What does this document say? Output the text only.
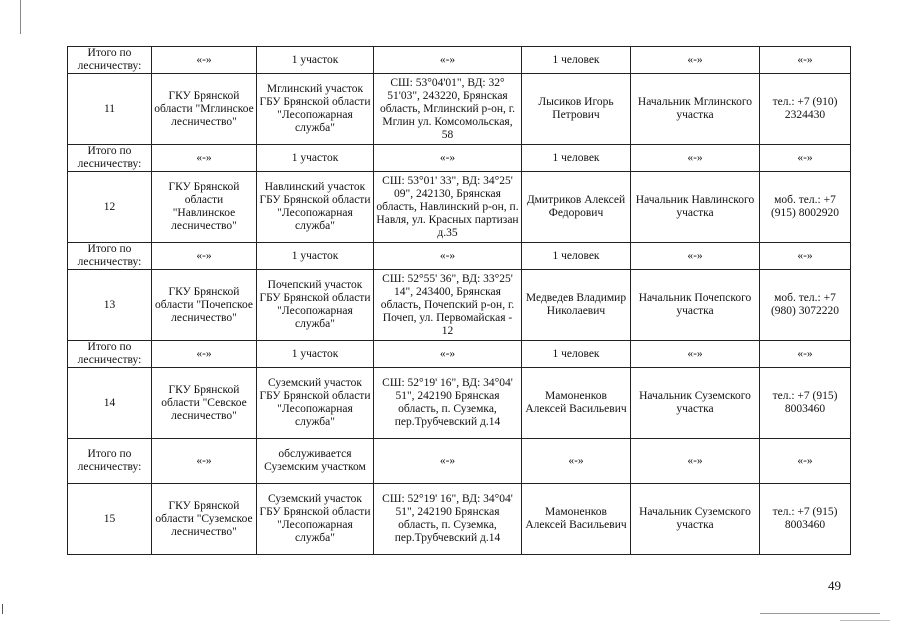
Итого по лесничеству:	«-»	1 участок	«-»	1 человек	«-»	«-»
11	ГКУ Брянской области "Мглинское лесничество"	Мглинский участок ГБУ Брянской области "Лесопожарная служба"	СШ: 53°04'01", ВД: 32° 51'03", 243220, Брянская область, Мглинский р-он, г. Мглин ул. Комсомольская, 58	Лысиков Игорь Петрович	Начальник Мглинского участка	тел.: +7 (910) 2324430
Итого по лесничеству:	«-»	1 участок	«-»	1 человек	«-»	«-»
12	ГКУ Брянской области "Навлинское лесничество"	Навлинский участок ГБУ Брянской области "Лесопожарная служба"	СШ: 53°01' 33", ВД: 34°25' 09", 242130, Брянская область, Навлинский р-он, п. Навля, ул. Красных партизан д.35	Дмитриков Алексей Федорович	Начальник Навлинского участка	моб. тел.: +7 (915) 8002920
Итого по лесничеству:	«-»	1 участок	«-»	1 человек	«-»	«-»
13	ГКУ Брянской области "Почепское лесничество"	Почепский участок ГБУ Брянской области "Лесопожарная служба"	СШ: 52°55' 36", ВД: 33°25' 14", 243400, Брянская область, Почепский р-он, г. Почеп, ул. Первомайская - 12	Медведев Владимир Николаевич	Начальник Почепского участка	моб. тел.: +7 (980) 3072220
Итого по лесничеству:	«-»	1 участок	«-»	1 человек	«-»	«-»
14	ГКУ Брянской области "Севское лесничество"	Суземский участок ГБУ Брянской области "Лесопожарная служба"	СШ: 52°19' 16", ВД: 34°04' 51", 242190 Брянская область, п. Суземка, пер.Трубчевский д.14	Мамоненков Алексей Васильевич	Начальник Суземского участка	тел.: +7 (915) 8003460
Итого по лесничеству:	«-»	обслуживается Суземским участком	«-»	«-»	«-»	«-»
15	ГКУ Брянской области "Суземское лесничество"	Суземский участок ГБУ Брянской области "Лесопожарная служба"	СШ: 52°19' 16", ВД: 34°04' 51", 242190 Брянская область, п. Суземка, пер.Трубчевский д.14	Мамоненков Алексей Васильевич	Начальник Суземского участка	тел.: +7 (915) 8003460
49
